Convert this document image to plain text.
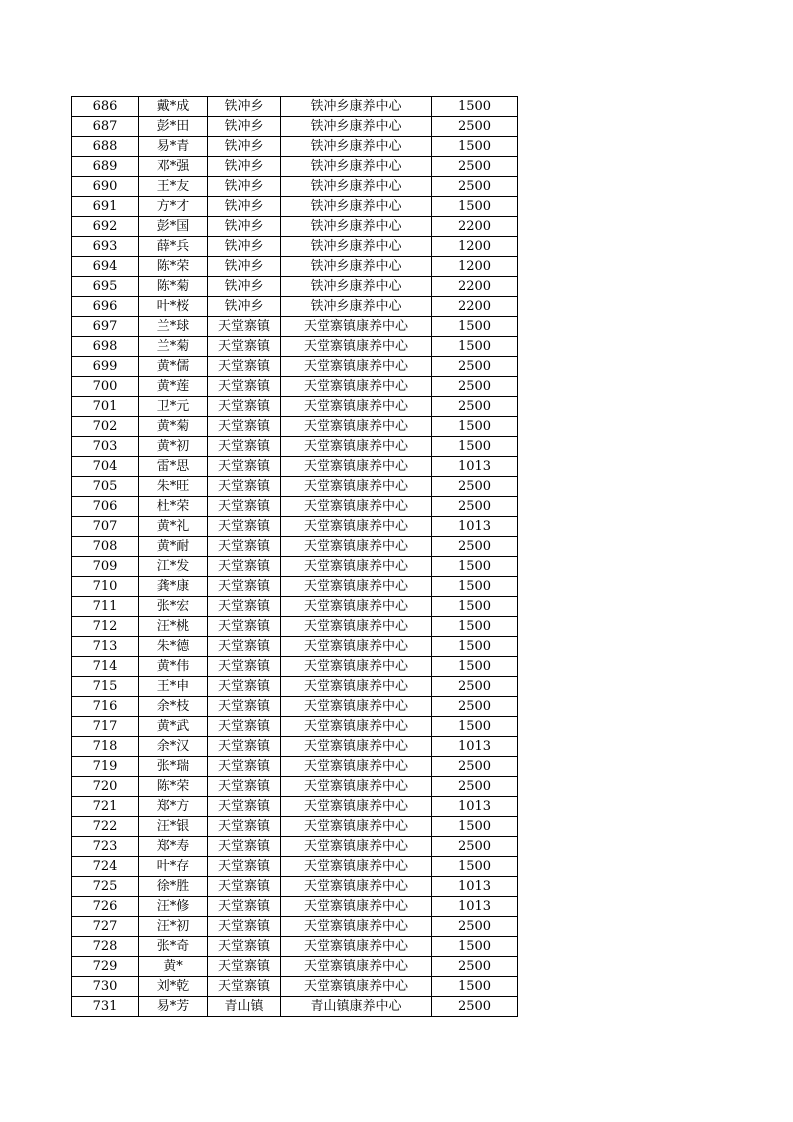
686	戴*成	铁冲乡	铁冲乡康养中心	1500
687	彭*田	铁冲乡	铁冲乡康养中心	2500
688	易*青	铁冲乡	铁冲乡康养中心	1500
689	邓*强	铁冲乡	铁冲乡康养中心	2500
690	王*友	铁冲乡	铁冲乡康养中心	2500
691	方*才	铁冲乡	铁冲乡康养中心	1500
692	彭*国	铁冲乡	铁冲乡康养中心	2200
693	薛*兵	铁冲乡	铁冲乡康养中心	1200
694	陈*荣	铁冲乡	铁冲乡康养中心	1200
695	陈*菊	铁冲乡	铁冲乡康养中心	2200
696	叶*桜	铁冲乡	铁冲乡康养中心	2200
697	兰*球	天堂寨镇	天堂寨镇康养中心	1500
698	兰*菊	天堂寨镇	天堂寨镇康养中心	1500
699	黄*儒	天堂寨镇	天堂寨镇康养中心	2500
700	黄*莲	天堂寨镇	天堂寨镇康养中心	2500
701	卫*元	天堂寨镇	天堂寨镇康养中心	2500
702	黄*菊	天堂寨镇	天堂寨镇康养中心	1500
703	黄*初	天堂寨镇	天堂寨镇康养中心	1500
704	雷*思	天堂寨镇	天堂寨镇康养中心	1013
705	朱*旺	天堂寨镇	天堂寨镇康养中心	2500
706	杜*荣	天堂寨镇	天堂寨镇康养中心	2500
707	黄*礼	天堂寨镇	天堂寨镇康养中心	1013
708	黄*耐	天堂寨镇	天堂寨镇康养中心	2500
709	江*发	天堂寨镇	天堂寨镇康养中心	1500
710	龚*康	天堂寨镇	天堂寨镇康养中心	1500
711	张*宏	天堂寨镇	天堂寨镇康养中心	1500
712	汪*桃	天堂寨镇	天堂寨镇康养中心	1500
713	朱*德	天堂寨镇	天堂寨镇康养中心	1500
714	黄*伟	天堂寨镇	天堂寨镇康养中心	1500
715	王*申	天堂寨镇	天堂寨镇康养中心	2500
716	余*枝	天堂寨镇	天堂寨镇康养中心	2500
717	黄*武	天堂寨镇	天堂寨镇康养中心	1500
718	余*汉	天堂寨镇	天堂寨镇康养中心	1013
719	张*瑞	天堂寨镇	天堂寨镇康养中心	2500
720	陈*荣	天堂寨镇	天堂寨镇康养中心	2500
721	郑*方	天堂寨镇	天堂寨镇康养中心	1013
722	汪*银	天堂寨镇	天堂寨镇康养中心	1500
723	郑*寿	天堂寨镇	天堂寨镇康养中心	2500
724	叶*存	天堂寨镇	天堂寨镇康养中心	1500
725	徐*胜	天堂寨镇	天堂寨镇康养中心	1013
726	汪*修	天堂寨镇	天堂寨镇康养中心	1013
727	汪*初	天堂寨镇	天堂寨镇康养中心	2500
728	张*奇	天堂寨镇	天堂寨镇康养中心	1500
729	黄*	天堂寨镇	天堂寨镇康养中心	2500
730	刘*乾	天堂寨镇	天堂寨镇康养中心	1500
731	易*芳	青山镇	青山镇康养中心	2500
